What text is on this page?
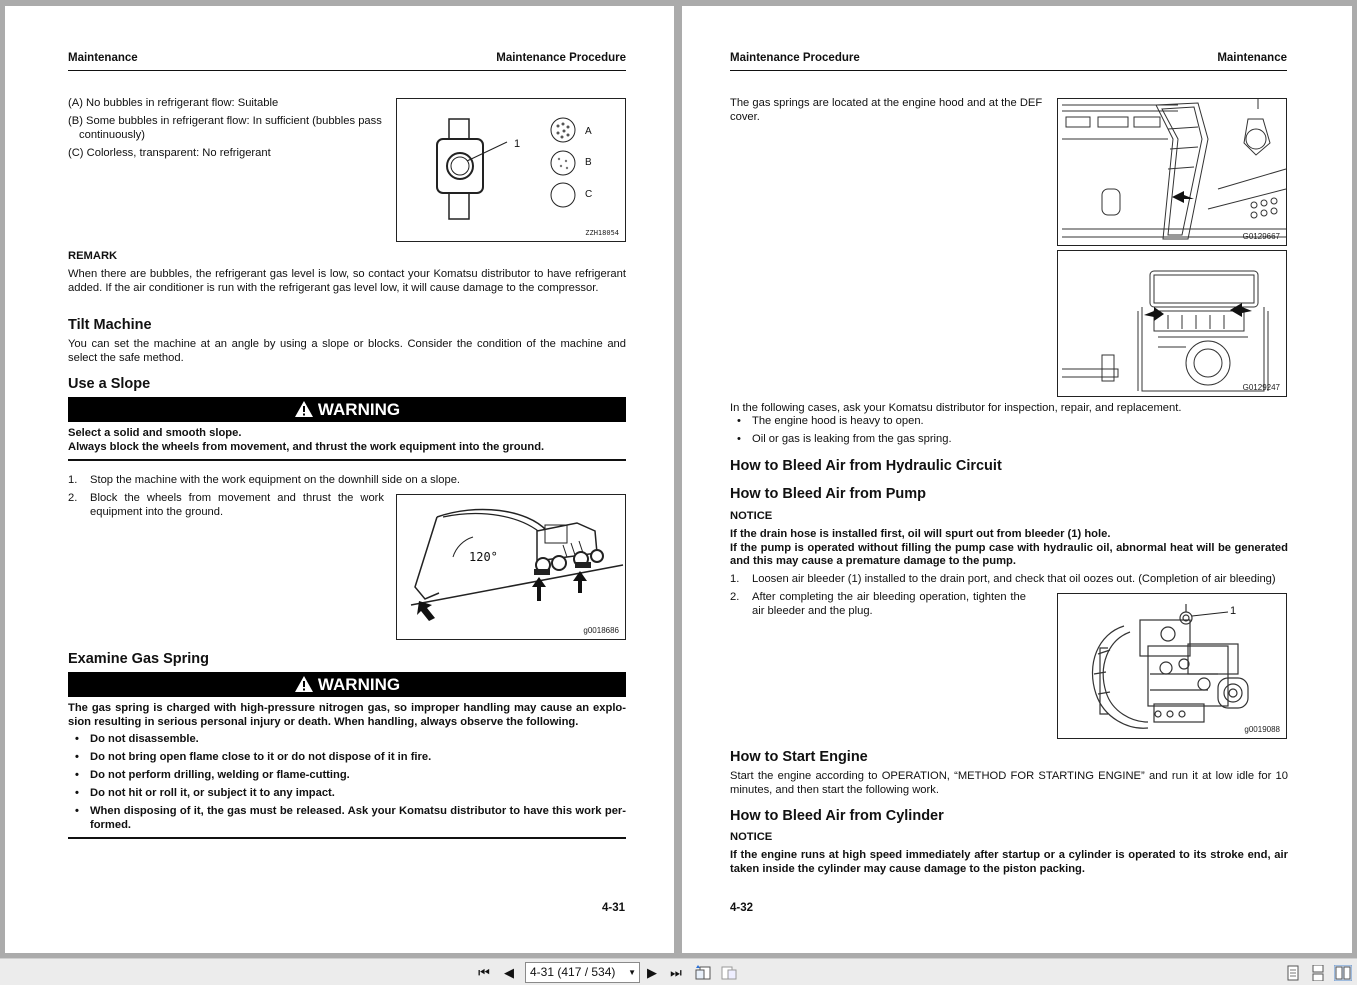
Maintenance	Maintenance Procedure
(A) No bubbles in refrigerant flow: Suitable
(B) Some bubbles in refrigerant flow: In sufficient (bubbles pass
continuously)
(C) Colorless, transparent: No refrigerant
1
A
B
C
ZZH18054
REMARK
When there are bubbles, the refrigerant gas level is low, so contact your Komatsu distributor to have refrigerant added. If the air conditioner is run with the refrigerant gas level low, it will cause damage to the compressor.
Tilt Machine
You can set the machine at an angle by using a slope or blocks. Consider the condition of the machine and select the safe method.
Use a Slope
WARNING
Select a solid and smooth slope.
Always block the wheels from movement, and thrust the work equipment into the ground.
1. Stop the machine with the work equipment on the downhill side on a slope.
2. Block the wheels from movement and thrust the work equipment into the ground.
120°
g0018686
Examine Gas Spring
WARNING
The gas spring is charged with high-pressure nitrogen gas, so improper handling may cause an explosion resulting in serious personal injury or death. When handling, always observe the following.
• Do not disassemble.
• Do not bring open flame close to it or do not dispose of it in fire.
• Do not perform drilling, welding or flame-cutting.
• Do not hit or roll it, or subject it to any impact.
• When disposing of it, the gas must be released. Ask your Komatsu distributor to have this work performed.
4-31
Maintenance Procedure	Maintenance
The gas springs are located at the engine hood and at the DEF cover.
G0129667
G0129247
In the following cases, ask your Komatsu distributor for inspection, repair, and replacement.
• The engine hood is heavy to open.
• Oil or gas is leaking from the gas spring.
How to Bleed Air from Hydraulic Circuit
How to Bleed Air from Pump
NOTICE
If the drain hose is installed first, oil will spurt out from bleeder (1) hole.
If the pump is operated without filling the pump case with hydraulic oil, abnormal heat will be generated and this may cause a premature damage to the pump.
1. Loosen air bleeder (1) installed to the drain port, and check that oil oozes out. (Completion of air bleeding)
2. After completing the air bleeding operation, tighten the air bleeder and the plug.	1
g0019088
How to Start Engine
Start the engine according to OPERATION, “METHOD FOR STARTING ENGINE” and run it at low idle for 10 minutes, and then start the following work.
How to Bleed Air from Cylinder
NOTICE
If the engine runs at high speed immediately after startup or a cylinder is operated to its stroke end, air taken inside the cylinder may cause damage to the piston packing.
4-32
⏮	◀	4-31 (417 / 534) ▼ ▶	⏭
